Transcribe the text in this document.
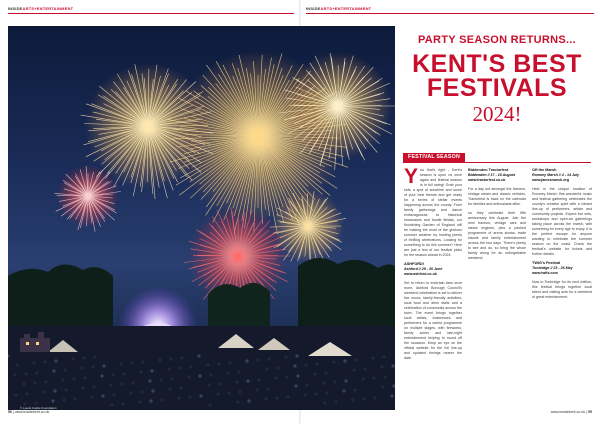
INSIDEARTS+ENTERTAINMENT	INSIDEARTS+ENTERTAINMENT
© Leeds Castle Foundation
PARTY SEASON RETURNS...
KENT'S BEST
FESTIVALS
2024!
FESTIVAL SEASON

You that's right - Kent's season is upon us once again and festival season is in full swing! Grab your kids, a spot of sunshine and some of your best friends and get ready for a series of stellar events happening across the county. From family gatherings and dance extravaganzas to historical showcases and foodie fiestas, our flourishing Garden of England will be making the most of the glorious summer weather by hosting plenty of thrilling celebrations. Looking for something to do this summer? Here are just a few of our festival picks for the season ahead in 2024.

ASHFORD!
Ashford // 29 - 30 June
www.ashford.co.uk

Set to return to entertain fans once more, Ashford Borough Council's weekend celebration is set to deliver live music, family-friendly activities, local food and drink stalls and a celebration of community across the town. The event brings together local artists, businesses and performers for a varied programme on multiple stages, with fireworks, family zones and late-night entertainment helping to round off the occasion. Keep an eye on the official website for the full line-up and updated timings nearer the date.

Biddenden Tractorfest
Biddenden // 17 - 18 August
www.tractorfest.co.uk

For a day out amongst the farmers, vintage steam and classic vehicles, Tractorfest is back on the calendar for families and enthusiasts alike.

so they celebrate their fifth anniversary this August. Join the mini tractors, vintage cars and steam engines, plus a packed programme of arena shows, trade stands and family entertainment across the two days. There's plenty to see and do, so bring the whole family along for an unforgettable weekend.

Off the Marsh
Romney Marsh // 4 - 14 July
www.jamesmarsh.org

Held in the unique location of Romney Marsh, this wonderful music and festival gathering celebrates the county's creative spirit with a vibrant line-up of performers, artists and community projects. Expect live sets, workshops and open-air gatherings taking place across the marsh, with something for every age to enjoy. It is the perfect escape for anyone wanting to celebrate the summer season on the coast. Check the festival's website for tickets and further details.

TWIG's Festival
Tonbridge // 23 - 26 May
www.twifs.com

Now in Tonbridge for its next edition, this festival brings together local talent and visiting acts for a weekend of great entertainment.

56 | www.insidekent.co.uk	www.insidekent.co.uk | 55
